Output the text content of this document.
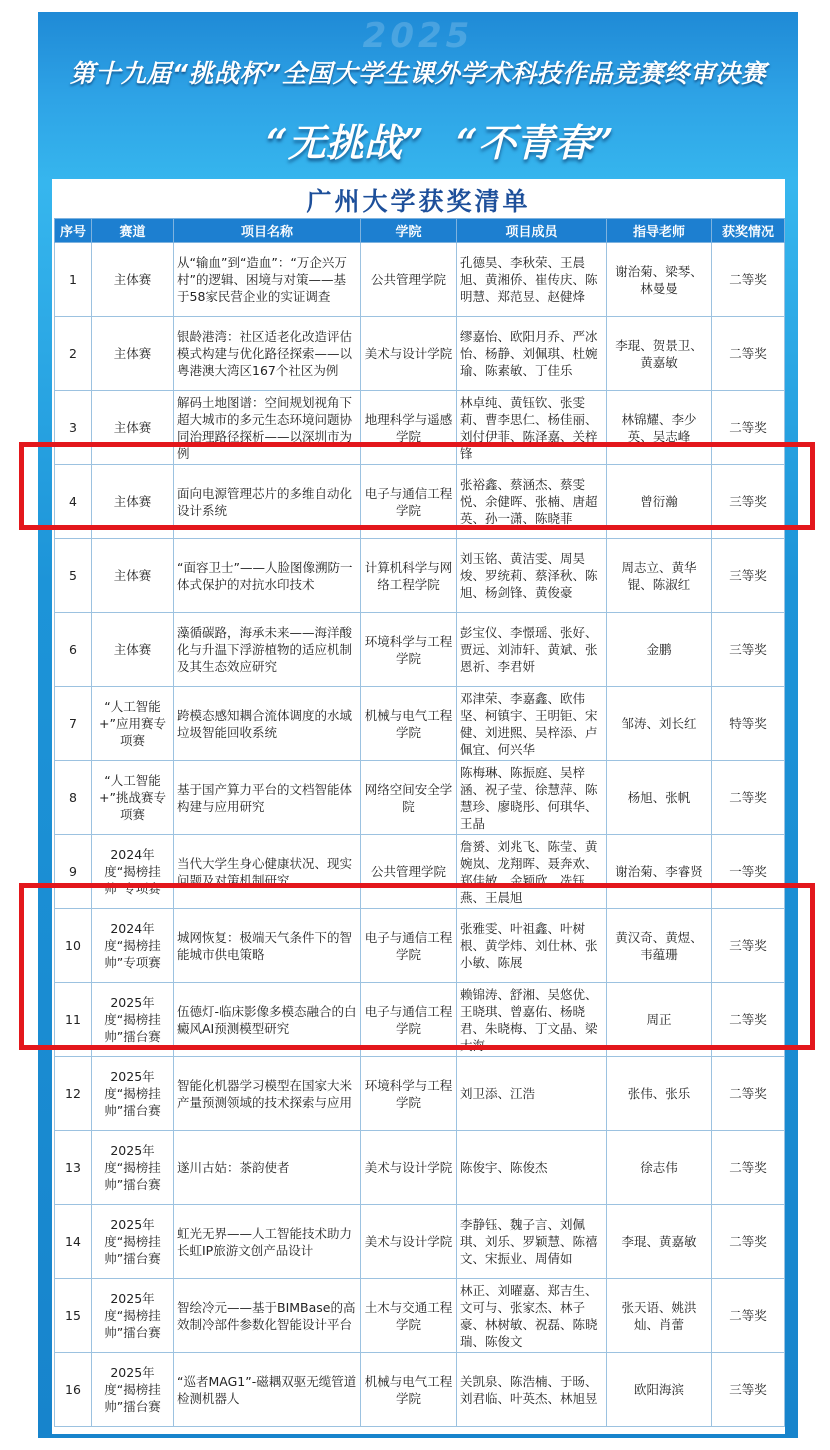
2025
第十九届“挑战杯”全国大学生课外学术科技作品竞赛终审决赛
“无挑战” “不青春”
广州大学获奖清单
序号	赛道	项目名称	学院	项目成员	指导老师	获奖情况
1	主体赛	从“输血”到“造血”：“万企兴万村”的逻辑、困境与对策——基于58家民营企业的实证调查	公共管理学院	孔德昊、李秋荣、王晨旭、黄湘侨、崔传庆、陈明慧、郑范昱、赵健烽	谢治菊、梁琴、林曼曼	二等奖
2	主体赛	银龄港湾：社区适老化改造评估模式构建与优化路径探索——以粤港澳大湾区167个社区为例	美术与设计学院	缪嘉怡、欧阳月乔、严冰怡、杨静、刘佩琪、杜婉瑜、陈素敏、丁佳乐	李琨、贺景卫、黄嘉敏	二等奖
3	主体赛	解码土地图谱：空间规划视角下超大城市的多元生态环境问题协同治理路径探析——以深圳市为例	地理科学与遥感学院	林卓纯、黄钰钦、张雯莉、曹李思仁、杨佳丽、刘付伊菲、陈泽嘉、关梓锋	林锦耀、李少英、吴志峰	二等奖
4	主体赛	面向电源管理芯片的多维自动化设计系统	电子与通信工程学院	张裕鑫、蔡涵杰、蔡雯悦、余健晖、张楠、唐超英、孙一潇、陈晓菲	曾衍瀚	三等奖
5	主体赛	“面容卫士”——人脸图像溯防一体式保护的对抗水印技术	计算机科学与网络工程学院	刘玉铭、黄洁雯、周昊焌、罗统莉、蔡泽秋、陈旭、杨剑锋、黄俊豪	周志立、黄华锟、陈淑红	三等奖
6	主体赛	藻循碳路，海承未来——海洋酸化与升温下浮游植物的适应机制及其生态效应研究	环境科学与工程学院	彭宝仪、李憬瑶、张好、贾远、刘沛轩、黄斌、张恩祈、李君妍	金鹏	三等奖
7	“人工智能+”应用赛专项赛	跨模态感知耦合流体调度的水域垃圾智能回收系统	机械与电气工程学院	邓津荣、李嘉鑫、欧伟坚、柯镇宇、王明钜、宋健、刘进熙、吴梓添、卢佩宜、何兴华	邹涛、刘长红	特等奖
8	“人工智能+”挑战赛专项赛	基于国产算力平台的文档智能体构建与应用研究	网络空间安全学院	陈梅琳、陈振庭、吴梓涵、祝子莹、徐慧萍、陈慧珍、廖晓彤、何琪华、王晶	杨旭、张帆	二等奖
9	2024年度“揭榜挂帅”专项赛	当代大学生身心健康状况、现实问题及对策机制研究	公共管理学院	詹赟、刘兆飞、陈莹、黄婉岚、龙翔晖、聂奔欢、郑佳敏、余颖欣、冼钰燕、王晨旭	谢治菊、李睿贤	一等奖
10	2024年度“揭榜挂帅”专项赛	城网恢复：极端天气条件下的智能城市供电策略	电子与通信工程学院	张雅雯、叶祖鑫、叶树根、黄学炜、刘仕林、张小敏、陈展	黄汉奇、黄煜、韦蕴珊	三等奖
11	2025年度“揭榜挂帅”擂台赛	伍德灯-临床影像多模态融合的白癜风AI预测模型研究	电子与通信工程学院	赖锦涛、舒湘、吴悠优、王晓琪、曾嘉佑、杨晓君、朱晓梅、丁文晶、梁大海	周正	二等奖
12	2025年度“揭榜挂帅”擂台赛	智能化机器学习模型在国家大米产量预测领域的技术探索与应用	环境科学与工程学院	刘卫添、江浩	张伟、张乐	二等奖
13	2025年度“揭榜挂帅”擂台赛	遂川古姑：茶韵使者	美术与设计学院	陈俊宇、陈俊杰	徐志伟	二等奖
14	2025年度“揭榜挂帅”擂台赛	虹光无界——人工智能技术助力长虹IP旅游文创产品设计	美术与设计学院	李静钰、魏子言、刘佩琪、刘乐、罗颖慧、陈禧文、宋振业、周倩如	李琨、黄嘉敏	二等奖
15	2025年度“揭榜挂帅”擂台赛	智绘冷元——基于BIMBase的高效制冷部件参数化智能设计平台	土木与交通工程学院	林正、刘曜嘉、郑吉生、文可与、张家杰、林子豪、林树敏、祝磊、陈晓瑞、陈俊文	张天语、姚洪灿、肖蕾	二等奖
16	2025年度“揭榜挂帅”擂台赛	“巡者MAG1”-磁耦双驱无缆管道检测机器人	机械与电气工程学院	关凯泉、陈浩楠、于旸、刘君临、叶英杰、林旭昱	欧阳海滨	三等奖
